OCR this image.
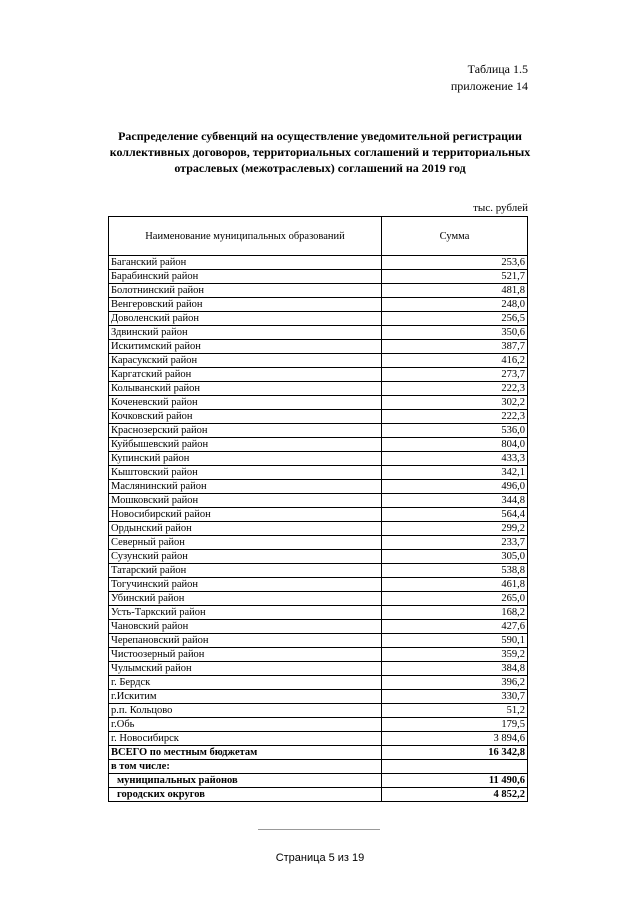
Таблица 1.5
приложение 14
Распределение субвенций на осуществление уведомительной регистрации коллективных договоров, территориальных соглашений и территориальных отраслевых (межотраслевых) соглашений на 2019 год
тыс. рублей
Наименование муниципальных образований	Сумма
Баганский район	253,6
Барабинский район	521,7
Болотнинский район	481,8
Венгеровский район	248,0
Доволенский район	256,5
Здвинский район	350,6
Искитимский район	387,7
Карасукский район	416,2
Каргатский район	273,7
Колыванский район	222,3
Коченевский район	302,2
Кочковский район	222,3
Краснозерский район	536,0
Куйбышевский район	804,0
Купинский район	433,3
Кыштовский район	342,1
Маслянинский район	496,0
Мошковский район	344,8
Новосибирский район	564,4
Ордынский район	299,2
Северный район	233,7
Сузунский район	305,0
Татарский район	538,8
Тогучинский район	461,8
Убинский район	265,0
Усть-Таркский район	168,2
Чановский район	427,6
Черепановский район	590,1
Чистоозерный район	359,2
Чулымский район	384,8
г. Бердск	396,2
г.Искитим	330,7
р.п. Кольцово	51,2
г.Обь	179,5
г. Новосибирск	3 894,6
ВСЕГО по местным бюджетам	16 342,8
в том числе:	
муниципальных районов	11 490,6
городских округов	4 852,2
Страница 5 из 19
